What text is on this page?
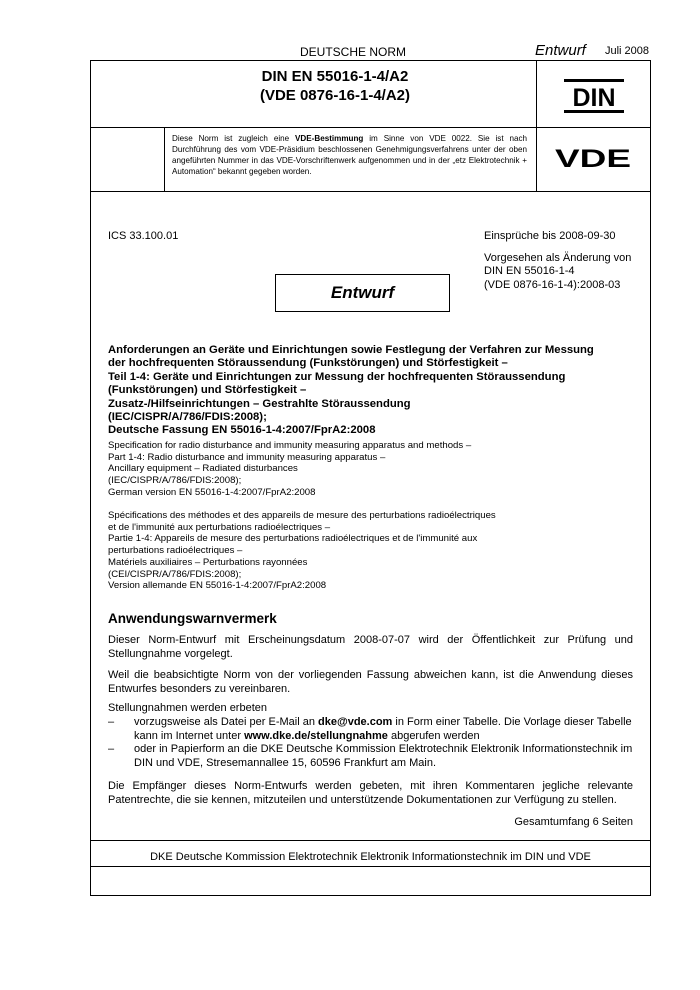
DEUTSCHE NORM	Entwurf Juli 2008
DIN EN 55016-1-4/A2
(VDE 0876-16-1-4/A2)	DIN
Diese Norm ist zugleich eine VDE-Bestimmung im Sinne von VDE 0022. Sie ist nach Durchführung des vom VDE-Präsidium beschlossenen Genehmigungsverfahrens unter der oben angeführten Nummer in das VDE-Vorschriftenwerk aufgenommen und in der „etz Elektrotechnik + Automation“ bekannt gegeben worden.	VDE
ICS 33.100.01	Einsprüche bis 2008-09-30
Vorgesehen als Änderung von
DIN EN 55016-1-4
(VDE 0876-16-1-4):2008-03
Entwurf
Anforderungen an Geräte und Einrichtungen sowie Festlegung der Verfahren zur Messung
der hochfrequenten Störaussendung (Funkstörungen) und Störfestigkeit –
Teil 1-4: Geräte und Einrichtungen zur Messung der hochfrequenten Störaussendung
(Funkstörungen) und Störfestigkeit –
Zusatz-/Hilfseinrichtungen – Gestrahlte Störaussendung
(IEC/CISPR/A/786/FDIS:2008);
Deutsche Fassung EN 55016-1-4:2007/FprA2:2008
Specification for radio disturbance and immunity measuring apparatus and methods –
Part 1-4: Radio disturbance and immunity measuring apparatus –
Ancillary equipment – Radiated disturbances
(IEC/CISPR/A/786/FDIS:2008);
German version EN 55016-1-4:2007/FprA2:2008
Spécifications des méthodes et des appareils de mesure des perturbations radioélectriques
et de l'immunité aux perturbations radioélectriques –
Partie 1-4: Appareils de mesure des perturbations radioélectriques et de l'immunité aux
perturbations radioélectriques –
Matériels auxiliaires – Perturbations rayonnées
(CEI/CISPR/A/786/FDIS:2008);
Version allemande EN 55016-1-4:2007/FprA2:2008
Anwendungswarnvermerk
Dieser Norm-Entwurf mit Erscheinungsdatum 2008-07-07 wird der Öffentlichkeit zur Prüfung und Stellungnahme vorgelegt.
Weil die beabsichtigte Norm von der vorliegenden Fassung abweichen kann, ist die Anwendung dieses Entwurfes besonders zu vereinbaren.
Stellungnahmen werden erbeten
– vorzugsweise als Datei per E-Mail an dke@vde.com in Form einer Tabelle. Die Vorlage dieser Tabelle kann im Internet unter www.dke.de/stellungnahme abgerufen werden
– oder in Papierform an die DKE Deutsche Kommission Elektrotechnik Elektronik Informationstechnik im DIN und VDE, Stresemannallee 15, 60596 Frankfurt am Main.
Die Empfänger dieses Norm-Entwurfs werden gebeten, mit ihren Kommentaren jegliche relevante Patentrechte, die sie kennen, mitzuteilen und unterstützende Dokumentationen zur Verfügung zu stellen.
Gesamtumfang 6 Seiten
DKE Deutsche Kommission Elektrotechnik Elektronik Informationstechnik im DIN und VDE
